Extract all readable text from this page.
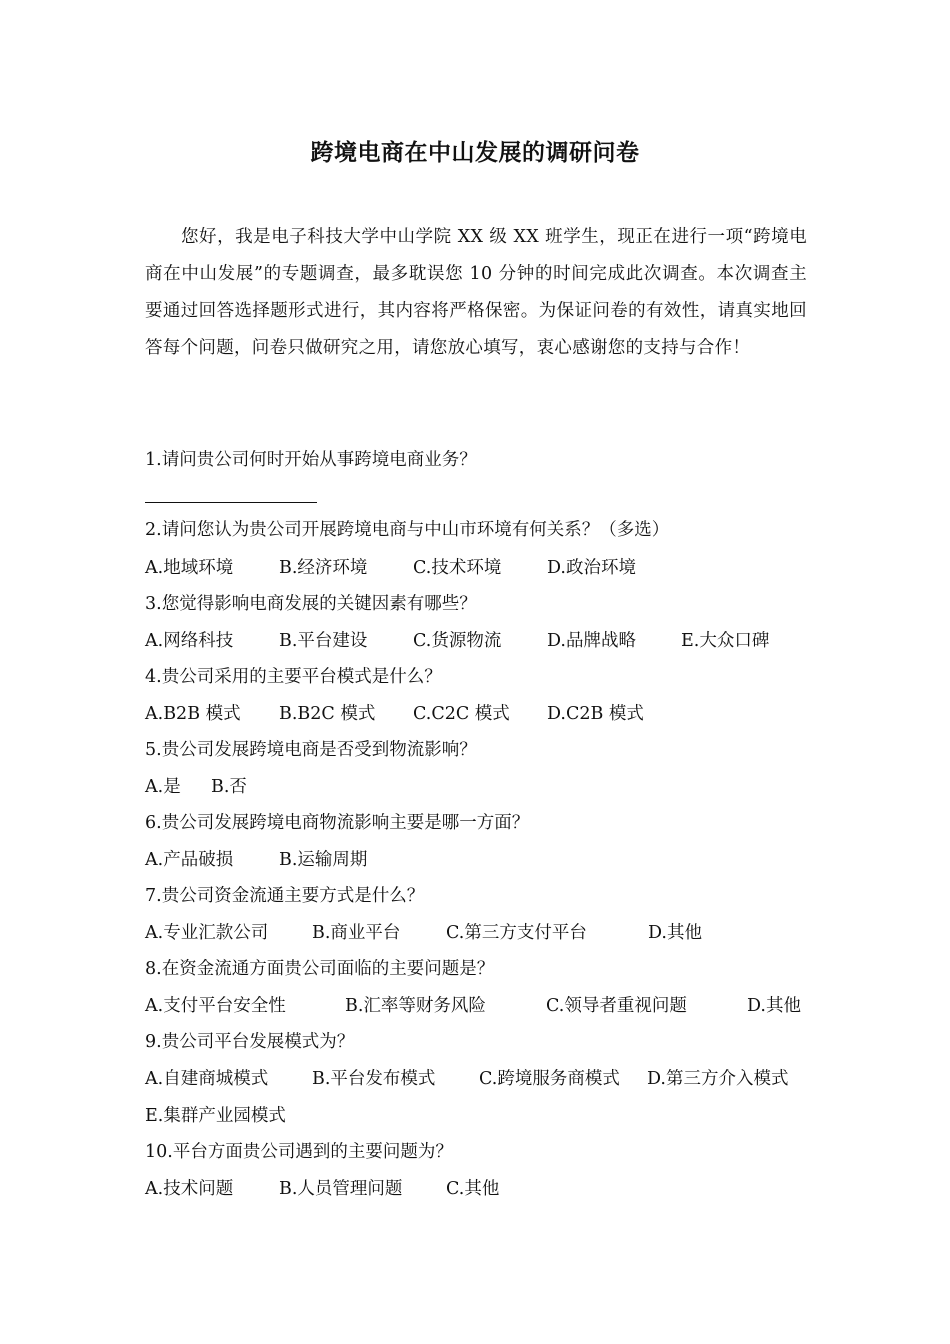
跨境电商在中山发展的调研问卷
您好，我是电子科技大学中山学院 XX 级 XX 班学生，现正在进行一项“跨境电商在中山发展”的专题调查，最多耽误您 10 分钟的时间完成此次调查。本次调查主要通过回答选择题形式进行，其内容将严格保密。为保证问卷的有效性，请真实地回答每个问题，问卷只做研究之用，请您放心填写，衷心感谢您的支持与合作！
1.请问贵公司何时开始从事跨境电商业务？
2.请问您认为贵公司开展跨境电商与中山市环境有何关系？（多选）
A.地域环境	B.经济环境	C.技术环境	D.政治环境
3.您觉得影响电商发展的关键因素有哪些？
A.网络科技	B.平台建设	C.货源物流	D.品牌战略	E.大众口碑
4.贵公司采用的主要平台模式是什么？
A.B2B 模式 B.B2C 模式 C.C2C 模式 D.C2B 模式
5.贵公司发展跨境电商是否受到物流影响？
A.是 B.否
6.贵公司发展跨境电商物流影响主要是哪一方面？
A.产品破损	B.运输周期
7.贵公司资金流通主要方式是什么？
A.专业汇款公司	B.商业平台	C.第三方支付平台	D.其他
8.在资金流通方面贵公司面临的主要问题是？
A.支付平台安全性	B.汇率等财务风险	C.领导者重视问题	D.其他
9.贵公司平台发展模式为？
A.自建商城模式	B.平台发布模式 C.跨境服务商模式 D.第三方介入模式
E.集群产业园模式
10.平台方面贵公司遇到的主要问题为？
A.技术问题	B.人员管理问题 C.其他
